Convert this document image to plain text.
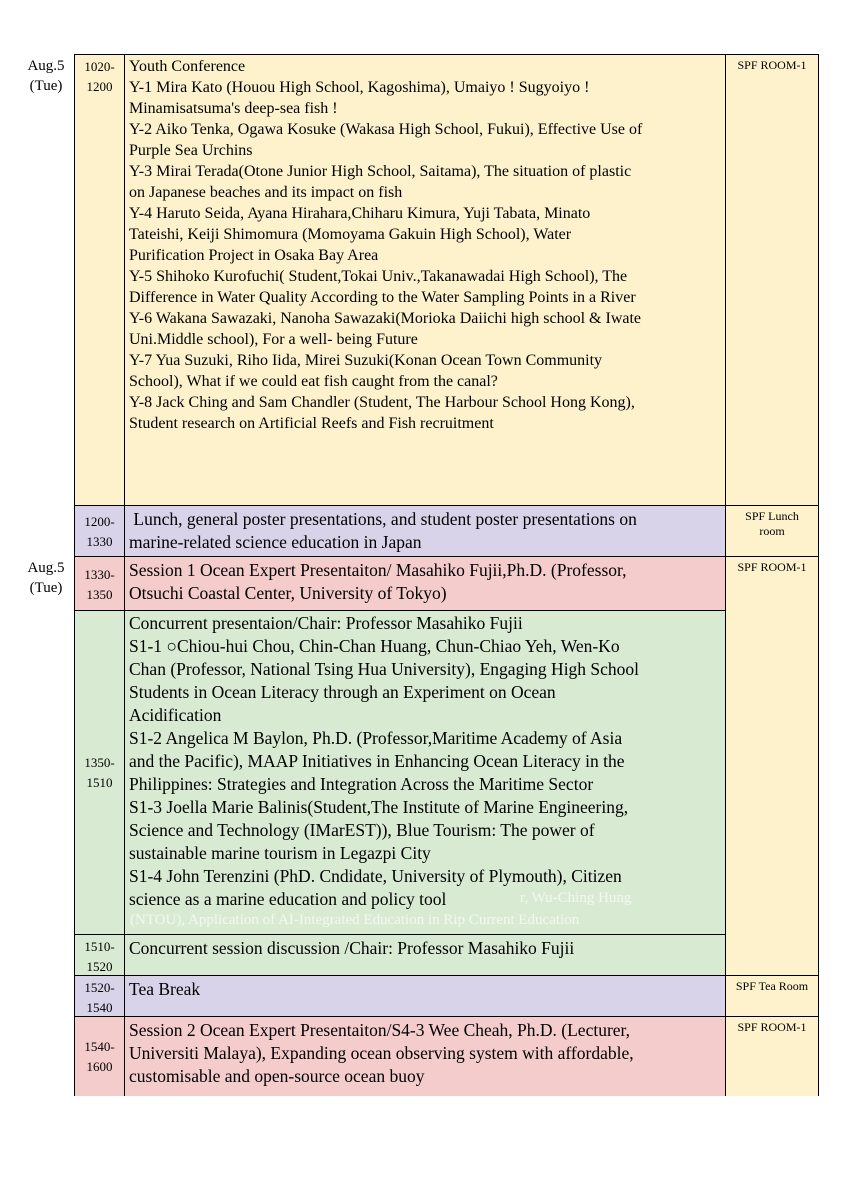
Aug.5
(Tue)
1020-
1200
Youth Conference
Y-1 Mira Kato (Houou High School, Kagoshima), Umaiyo ! Sugyoiyo !
Minamisatsuma's deep-sea fish !
Y-2 Aiko Tenka, Ogawa Kosuke (Wakasa High School, Fukui), Effective Use of
Purple Sea Urchins
Y-3 Mirai Terada(Otone Junior High School, Saitama), The situation of plastic
on Japanese beaches and its impact on fish
Y-4 Haruto Seida, Ayana Hirahara,Chiharu Kimura, Yuji Tabata, Minato
Tateishi, Keiji Shimomura (Momoyama Gakuin High School), Water
Purification Project in Osaka Bay Area
Y-5 Shihoko Kurofuchi( Student,Tokai Univ.,Takanawadai High School), The
Difference in Water Quality According to the Water Sampling Points in a River
Y-6 Wakana Sawazaki, Nanoha Sawazaki(Morioka Daiichi high school & Iwate
Uni.Middle school), For a well- being Future
Y-7 Yua Suzuki, Riho Iida, Mirei Suzuki(Konan Ocean Town Community
School), What if we could eat fish caught from the canal?
Y-8 Jack Ching and Sam Chandler (Student, The Harbour School Hong Kong),
Student research on Artificial Reefs and Fish recruitment
SPF ROOM-1
1200-
1330
Lunch, general poster presentations, and student poster presentations on
marine-related science education in Japan
SPF Lunch
room
Aug.5
(Tue)
1330-
1350
Session 1 Ocean Expert Presentaiton/ Masahiko Fujii,Ph.D. (Professor,
Otsuchi Coastal Center, University of Tokyo)
1350-
1510
Concurrent presentaion/Chair: Professor Masahiko Fujii
S1-1 ○Chiou-hui Chou, Chin-Chan Huang, Chun-Chiao Yeh, Wen-Ko
Chan (Professor, National Tsing Hua University), Engaging High School
Students in Ocean Literacy through an Experiment on Ocean
Acidification
S1-2 Angelica M Baylon, Ph.D. (Professor,Maritime Academy of Asia
and the Pacific), MAAP Initiatives in Enhancing Ocean Literacy in the
Philippines: Strategies and Integration Across the Maritime Sector
S1-3 Joella Marie Balinis(Student,The Institute of Marine Engineering,
Science and Technology (IMarEST)), Blue Tourism: The power of
sustainable marine tourism in Legazpi City
S1-4 John Terenzini (PhD. Cndidate, University of Plymouth), Citizen
science as a marine education and policy tool	r, Wu-Ching Hung
(NTOU), Application of AI-Integrated Education in Rip Current Education
1510-
1520
Concurrent session discussion /Chair: Professor Masahiko Fujii
SPF ROOM-1
1520-
1540
Tea Break	SPF Tea Room
1540-
1600
Session 2 Ocean Expert Presentaiton/S4-3 Wee Cheah, Ph.D. (Lecturer,
Universiti Malaya), Expanding ocean observing system with affordable,
customisable and open-source ocean buoy
SPF ROOM-1
